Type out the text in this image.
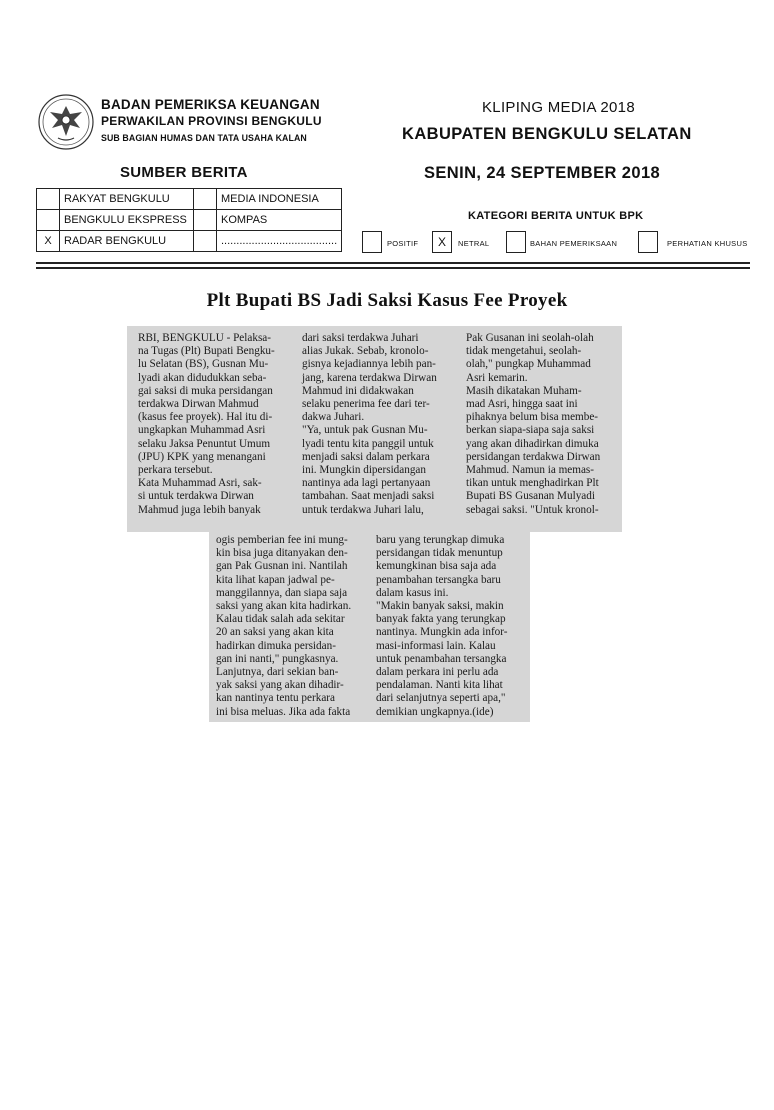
BADAN PEMERIKSA KEUANGAN
PERWAKILAN PROVINSI BENGKULU
SUB BAGIAN HUMAS DAN TATA USAHA KALAN
KLIPING MEDIA 2018
KABUPATEN BENGKULU SELATAN
SENIN, 24 SEPTEMBER 2018
SUMBER BERITA
	RAKYAT BENGKULU		MEDIA INDONESIA
	BENGKULU EKSPRESS		KOMPAS
X	RADAR BENGKULU		......................................
KATEGORI BERITA UNTUK BPK
POSITIF	X	NETRAL	BAHAN PEMERIKSAAN	PERHATIAN KHUSUS
Plt Bupati BS Jadi Saksi Kasus Fee Proyek
RBI, BENGKULU - Pelaksa-
na Tugas (Plt) Bupati Bengku-
lu Selatan (BS), Gusnan Mu-
lyadi akan didudukkan seba-
gai saksi di muka persidangan
terdakwa Dirwan Mahmud
(kasus fee proyek). Hal itu di-
ungkapkan Muhammad Asri
selaku Jaksa Penuntut Umum
(JPU) KPK yang menangani
perkara tersebut.
Kata Muhammad Asri, sak-
si untuk terdakwa Dirwan
Mahmud juga lebih banyak
dari saksi terdakwa Juhari
alias Jukak. Sebab, kronolo-
gisnya kejadiannya lebih pan-
jang, karena terdakwa Dirwan
Mahmud ini didakwakan
selaku penerima fee dari ter-
dakwa Juhari.
"Ya, untuk pak Gusnan Mu-
lyadi tentu kita panggil untuk
menjadi saksi dalam perkara
ini. Mungkin dipersidangan
nantinya ada lagi pertanyaan
tambahan. Saat menjadi saksi
untuk terdakwa Juhari lalu,
Pak Gusanan ini seolah-olah
tidak mengetahui, seolah-
olah," pungkap Muhammad
Asri kemarin.
Masih dikatakan Muham-
mad Asri, hingga saat ini
pihaknya belum bisa membe-
berkan siapa-siapa saja saksi
yang akan dihadirkan dimuka
persidangan terdakwa Dirwan
Mahmud. Namun ia memas-
tikan untuk menghadirkan Plt
Bupati BS Gusanan Mulyadi
sebagai saksi. "Untuk kronol-
ogis pemberian fee ini mung-
kin bisa juga ditanyakan den-
gan Pak Gusnan ini. Nantilah
kita lihat kapan jadwal pe-
manggilannya, dan siapa saja
saksi yang akan kita hadirkan.
Kalau tidak salah ada sekitar
20 an saksi yang akan kita
hadirkan dimuka persidan-
gan ini nanti," pungkasnya.
Lanjutnya, dari sekian ban-
yak saksi yang akan dihadir-
kan nantinya tentu perkara
ini bisa meluas. Jika ada fakta
baru yang terungkap dimuka
persidangan tidak menuntup
kemungkinan bisa saja ada
penambahan tersangka baru
dalam kasus ini.
"Makin banyak saksi, makin
banyak fakta yang terungkap
nantinya. Mungkin ada infor-
masi-informasi lain. Kalau
untuk penambahan tersangka
dalam perkara ini perlu ada
pendalaman. Nanti kita lihat
dari selanjutnya seperti apa,"
demikian ungkapnya.(ide)
